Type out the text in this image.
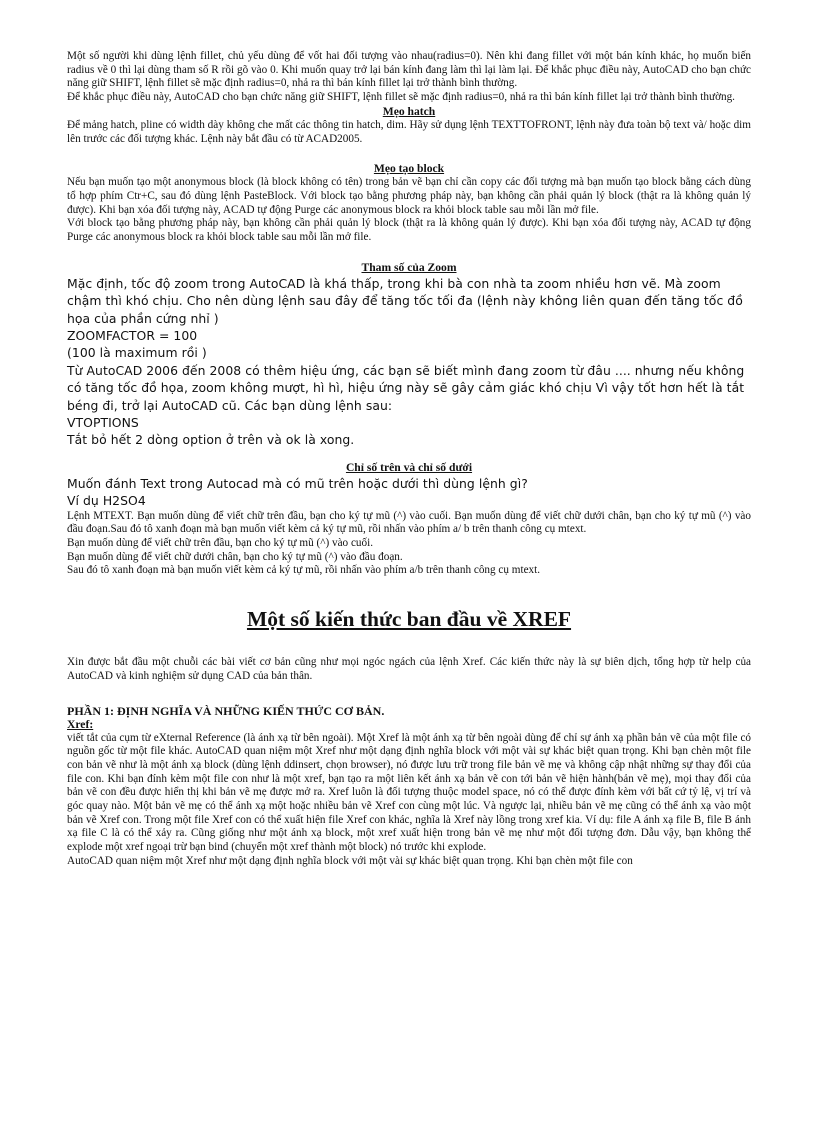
Một số người khi dùng lệnh fillet, chủ yếu dùng để vốt hai đối tượng vào nhau(radius=0). Nên khi đang fillet với một bán kính khác, họ muốn biến radius về 0 thì lại dùng tham số R rồi gõ vào 0. Khi muốn quay trở lại bán kính đang làm thì lại làm lại. Để khắc phục điều này, AutoCAD cho bạn chức năng giữ SHIFT, lệnh fillet sẽ mặc định radius=0, nhả ra thì bán kính fillet lại trở thành bình thường.

Để khắc phục điều này, AutoCAD cho bạn chức năng giữ SHIFT, lệnh fillet sẽ mặc định radius=0, nhả ra thì bán kính fillet lại trở thành bình thường.

Mẹo hatch

Để mảng hatch, pline có width dày không che mất các thông tin hatch, dim. Hãy sử dụng lệnh TEXTTOFRONT, lệnh này đưa toàn bộ text và/ hoặc dim lên trước các đối tượng khác. Lệnh này bắt đầu có từ ACAD2005.

Mẹo tạo block

Nếu bạn muốn tạo một anonymous block (là block không có tên) trong bản vẽ bạn chỉ cần copy các đối tượng mà bạn muốn tạo block bằng cách dùng tổ hợp phím Ctr+C, sau đó dùng lệnh PasteBlock. Với block tạo bằng phương pháp này, bạn không cần phải quản lý block (thật ra là không quản lý được). Khi bạn xóa đối tượng này, ACAD tự động Purge các anonymous block ra khỏi block table sau mỗi lần mở file.

Với block tạo bằng phương pháp này, bạn không cần phải quản lý block (thật ra là không quản lý được). Khi bạn xóa đối tượng này, ACAD tự động Purge các anonymous block ra khỏi block table sau mỗi lần mở file.

Tham số của Zoom

Mặc định, tốc độ zoom trong AutoCAD là khá thấp, trong khi bà con nhà ta zoom nhiều hơn vẽ. Mà zoom chậm thì khó chịu. Cho nên dùng lệnh sau đây để tăng tốc tối đa (lệnh này không liên quan đến tăng tốc đồ họa của phần cứng nhỉ )

ZOOMFACTOR = 100

(100 là maximum rồi )

Từ AutoCAD 2006 đến 2008 có thêm hiệu ứng, các bạn sẽ biết mình đang zoom từ đâu .... nhưng nếu không có tăng tốc đồ họa, zoom không mượt, hì hì, hiệu ứng này sẽ gây cảm giác khó chịu Vì vậy tốt hơn hết là tắt béng đi, trở lại AutoCAD cũ. Các bạn dùng lệnh sau:

VTOPTIONS

Tắt bỏ hết 2 dòng option ở trên và ok là xong.

Chỉ số trên và chỉ số dưới

Muốn đánh Text trong Autocad mà có mũ trên hoặc dưới thì dùng lệnh gì?

Ví dụ H2SO4

Lệnh MTEXT. Bạn muốn dùng để viết chữ trên đầu, bạn cho ký tự mũ (^) vào cuối. Bạn muốn dùng để viết chữ dưới chân, bạn cho ký tự mũ (^) vào đầu đoạn.Sau đó tô xanh đoạn mà bạn muốn viết kèm cả ký tự mũ, rồi nhấn vào phím a/ b trên thanh công cụ mtext.

Bạn muốn dùng để viết chữ trên đầu, bạn cho ký tự mũ (^) vào cuối.

Bạn muốn dùng để viết chữ dưới chân, bạn cho ký tự mũ (^) vào đầu đoạn.

Sau đó tô xanh đoạn mà bạn muốn viết kèm cả ký tự mũ, rồi nhấn vào phím a/b trên thanh công cụ mtext.

Một số kiến thức ban đầu về XREF

Xin được bắt đầu một chuỗi các bài viết cơ bản cũng như mọi ngóc ngách của lệnh Xref. Các kiến thức này là sự biên dịch, tổng hợp từ help của AutoCAD và kinh nghiệm sử dụng CAD của bản thân.

PHẦN 1: ĐỊNH NGHĨA VÀ NHỮNG KIẾN THỨC CƠ BẢN.

Xref:

viết tắt của cụm từ eXternal Reference (là ánh xạ từ bên ngoài). Một Xref là một ánh xạ từ bên ngoài dùng để chỉ sự ánh xạ phần bản vẽ của một file có nguồn gốc từ một file khác. AutoCAD quan niệm một Xref như một dạng định nghĩa block với một vài sự khác biệt quan trọng. Khi bạn chèn một file con bản vẽ như là một ánh xạ block (dùng lệnh ddinsert, chọn browser), nó được lưu trữ trong file bản vẽ mẹ và không cập nhật những sự thay đổi của file con. Khi bạn đính kèm một file con như là một xref, bạn tạo ra một liên kết ánh xạ bản vẽ con tới bản vẽ hiện hành(bản vẽ mẹ), mọi thay đổi của bản vẽ con đều được hiển thị khi bản vẽ mẹ được mở ra. Xref luôn là đối tượng thuộc model space, nó có thể được đính kèm với bất cứ tỷ lệ, vị trí và góc quay nào. Một bản vẽ mẹ có thể ánh xạ một hoặc nhiều bản vẽ Xref con cùng một lúc. Và ngược lại, nhiều bản vẽ mẹ cũng có thể ánh xạ vào một bản vẽ Xref con. Trong một file Xref con có thể xuất hiện file Xref con khác, nghĩa là Xref này lồng trong xref kia. Ví dụ: file A ánh xạ file B, file B ánh xạ file C là có thể xảy ra. Cũng giống như một ánh xạ block, một xref xuất hiện trong bản vẽ mẹ như một đối tượng đơn. Dẫu vậy, bạn không thể explode một xref ngoại trừ bạn bind (chuyển một xref thành một block) nó trước khi explode.

AutoCAD quan niệm một Xref như một dạng định nghĩa block với một vài sự khác biệt quan trọng. Khi bạn chèn một file con
